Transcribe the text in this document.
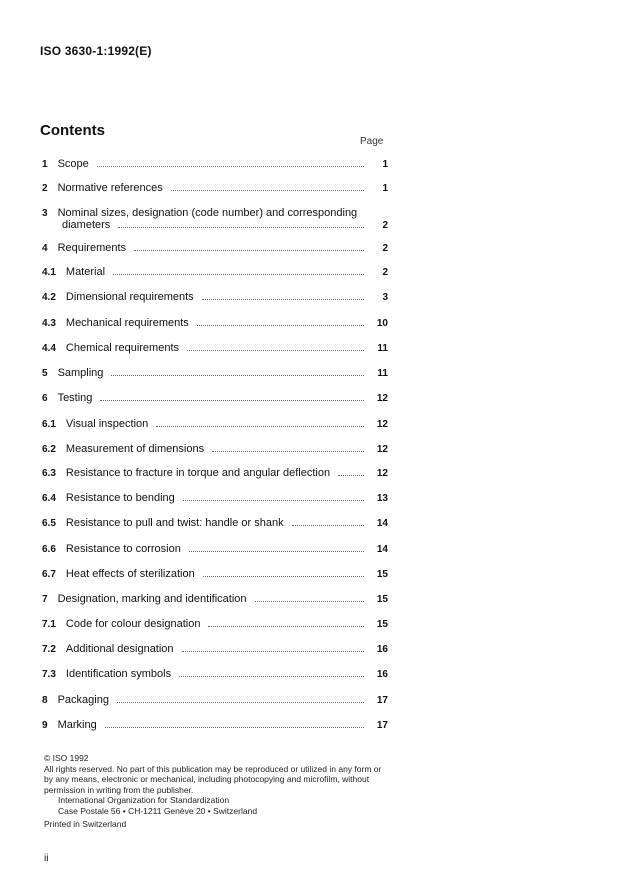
ISO 3630-1:1992(E)
Contents
Page
1 Scope	1
2 Normative references	1
3 Nominal sizes, designation (code number) and corresponding
diameters	2
4 Requirements	2
4.1 Material	2
4.2 Dimensional requirements	3
4.3 Mechanical requirements	10
4.4 Chemical requirements	11
5 Sampling	11
6 Testing	12
6.1 Visual inspection	12
6.2 Measurement of dimensions	12
6.3 Resistance to fracture in torque and angular deflection	12
6.4 Resistance to bending	13
6.5 Resistance to pull and twist: handle or shank	14
6.6 Resistance to corrosion	14
6.7 Heat effects of sterilization	15
7 Designation, marking and identification	15
7.1 Code for colour designation	15
7.2 Additional designation	16
7.3 Identification symbols	16
8 Packaging	17
9 Marking	17
© ISO 1992
All rights reserved. No part of this publication may be reproduced or utilized in any form or by any means, electronic or mechanical, including photocopying and microfilm, without permission in writing from the publisher.
International Organization for Standardization
Case Postale 56 • CH-1211 Genève 20 • Switzerland
Printed in Switzerland
ii
